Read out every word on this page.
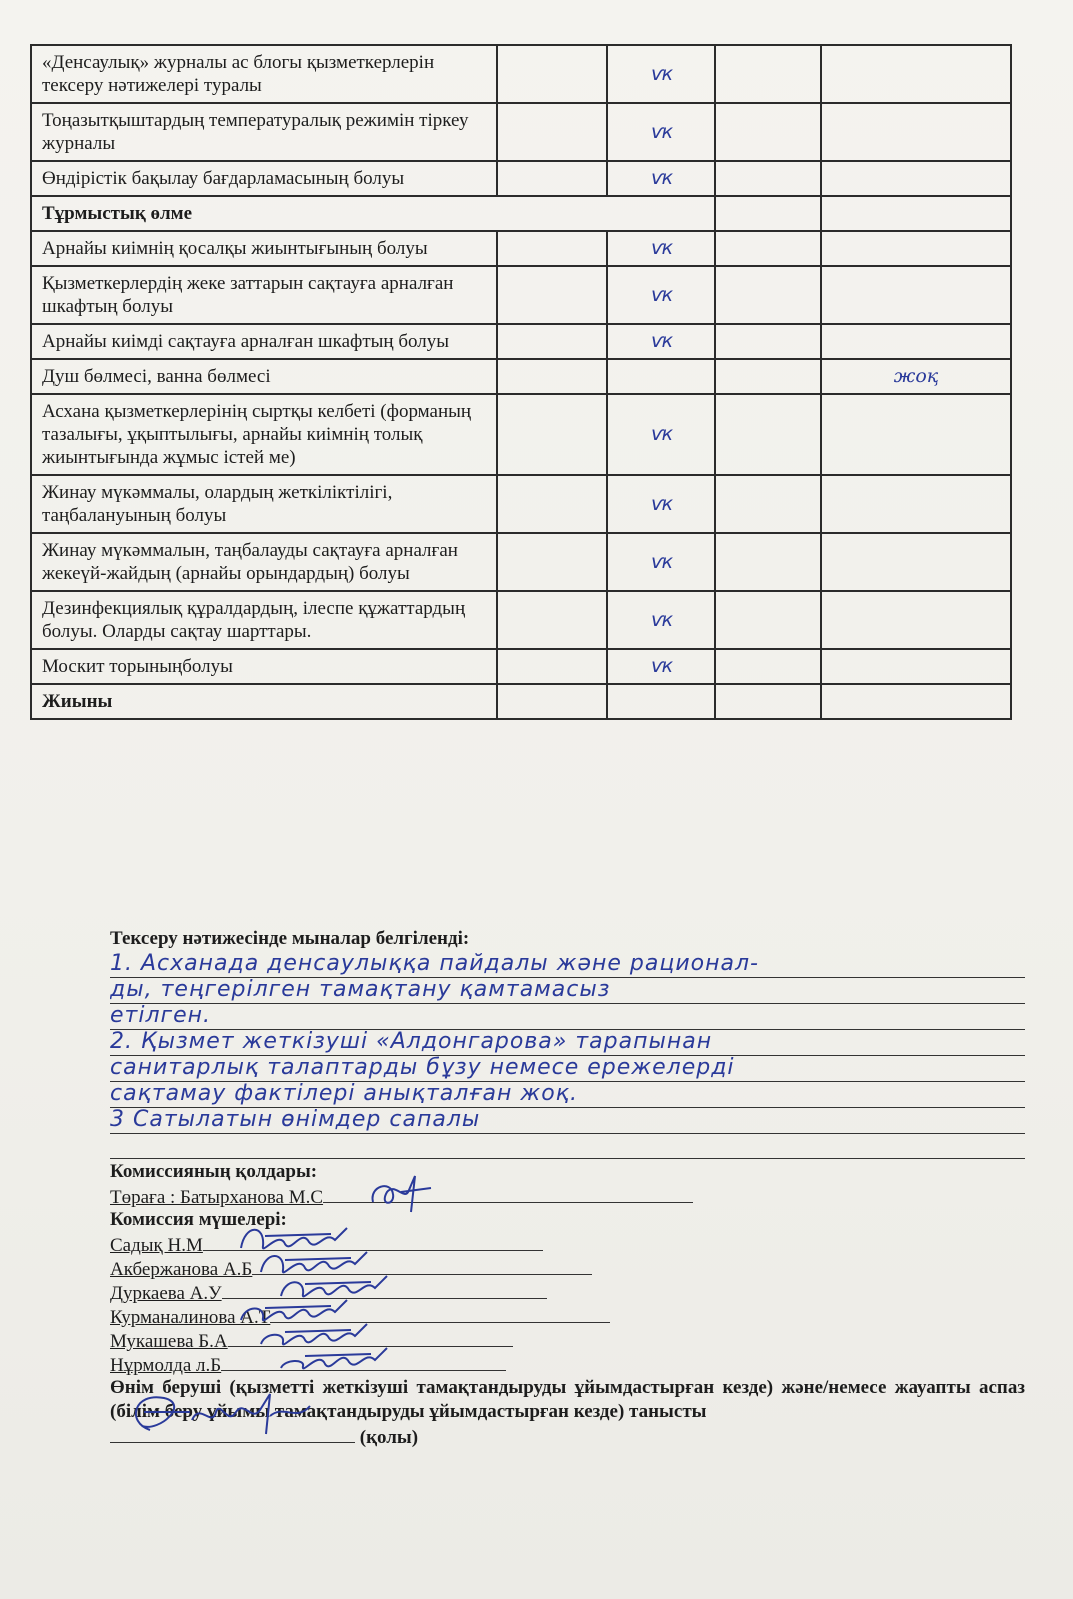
«Денсаулық» журналы ас блогы қызметкерлерін тексеру нәтижелері туралы		ѵк		
Тоңазытқыштардың температуралық режимін тіркеу журналы		ѵк		
Өндірістік бақылау бағдарламасының болуы		ѵк		
Тұрмыстық өлме				
Арнайы киімнің қосалқы жиынтығының болуы		ѵк		
Қызметкерлердің жеке заттарын сақтауға арналған шкафтың болуы		ѵк		
Арнайы киімді сақтауға арналған шкафтың болуы		ѵк		
Душ бөлмесі, ванна бөлмесі				жоқ
Асхана қызметкерлерінің сыртқы келбеті (форманың тазалығы, ұқыптылығы, арнайы киімнің толық жиынтығында жұмыс істей ме)		ѵк		
Жинау мүкәммалы, олардың жеткіліктілігі, таңбалануының болуы		ѵк		
Жинау мүкәммалын, таңбалауды сақтауға арналған жекеүй-жайдың (арнайы орындардың) болуы		ѵк		
Дезинфекциялық құралдардың, ілеспе құжаттардың болуы. Оларды сақтау шарттары.		ѵк		
Москит торыныңболуы		ѵк		
Жиыны				
Тексеру нәтижесінде мыналар белгіленді:
1. Асханада денсаулыққа пайдалы және рационал-
ды, теңгерілген тамақтану қамтамасыз
етілген.
2. Қызмет жеткізуші «Алдонгарова» тарапынан
санитарлық талаптарды бұзу немесе ережелерді
сақтамау фактілері анықталған жоқ.
3 Сатылатын өнімдер сапалы
Комиссияның қолдары:
Төраға : Батырханова М.С
Комиссия мүшелері:
Садық Н.М
Акбержанова А.Б
Дуркаева А.У
Курманалинова А.Т
Мукашева Б.А
Нұрмолда л.Б
Өнім беруші (қызметті жеткізуші тамақтандыруды ұйымдастырған кезде) және/немесе жауапты аспаз (білім беру ұйымы тамақтандыруды ұйымдастырған кезде) танысты
(қолы)
